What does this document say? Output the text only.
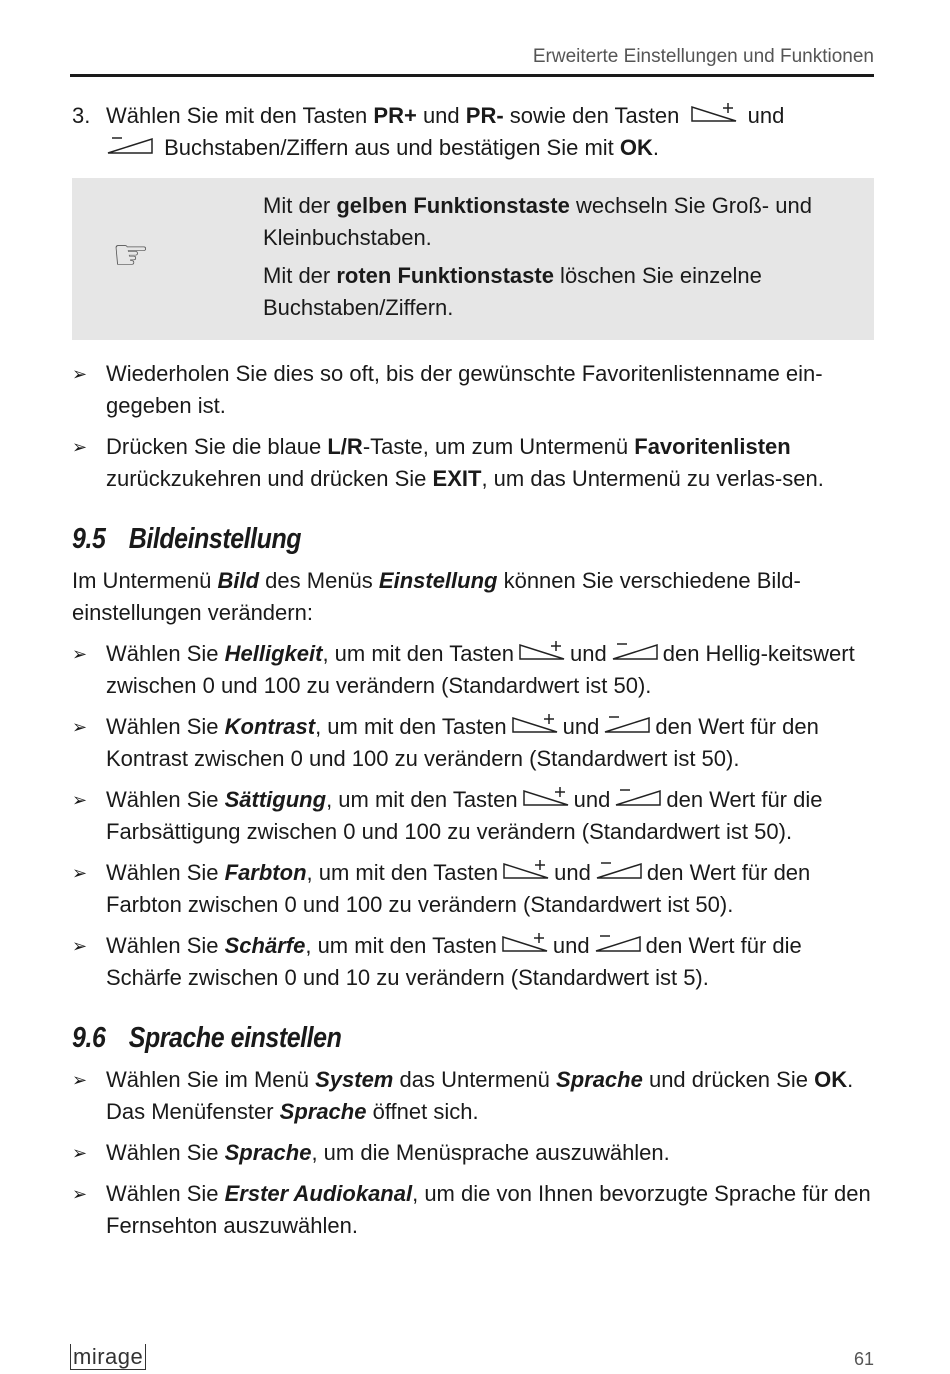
Erweiterte Einstellungen und Funktionen
3. Wählen Sie mit den Tasten PR+ und PR- sowie den Tasten	und
Buchstaben/Ziffern aus und bestätigen Sie mit OK.
☞

Mit der gelben Funktionstaste wechseln Sie Groß- und Kleinbuchstaben.

Mit der roten Funktionstaste löschen Sie einzelne Buchstaben/Ziffern.

➢ Wiederholen Sie dies so oft, bis der gewünschte Favoritenlistenname ein-gegeben ist.
➢ Drücken Sie die blaue L/R-Taste, um zum Untermenü Favoritenlisten zurückzukehren und drücken Sie EXIT, um das Untermenü zu verlas-sen.
9.5 Bildeinstellung

Im Untermenü Bild des Menüs Einstellung können Sie verschiedene Bild-einstellungen verändern:

➢ Wählen Sie Helligkeit, um mit den Tasten	und	den Hellig-keitswert zwischen 0 und 100 zu verändern (Standardwert ist 50).
➢ Wählen Sie Kontrast, um mit den Tasten	und	den Wert für den Kontrast zwischen 0 und 100 zu verändern (Standardwert ist 50).
➢ Wählen Sie Sättigung, um mit den Tasten	und	den Wert für die Farbsättigung zwischen 0 und 100 zu verändern (Standardwert ist 50).
➢ Wählen Sie Farbton, um mit den Tasten	und	den Wert für den Farbton zwischen 0 und 100 zu verändern (Standardwert ist 50).
➢ Wählen Sie Schärfe, um mit den Tasten	und	den Wert für die Schärfe zwischen 0 und 10 zu verändern (Standardwert ist 5).
9.6 Sprache einstellen
➢ Wählen Sie im Menü System das Untermenü Sprache und drücken Sie OK. Das Menüfenster Sprache öffnet sich.
➢ Wählen Sie Sprache, um die Menüsprache auszuwählen.
➢ Wählen Sie Erster Audiokanal, um die von Ihnen bevorzugte Sprache für den Fernsehton auszuwählen.
mirage	61
